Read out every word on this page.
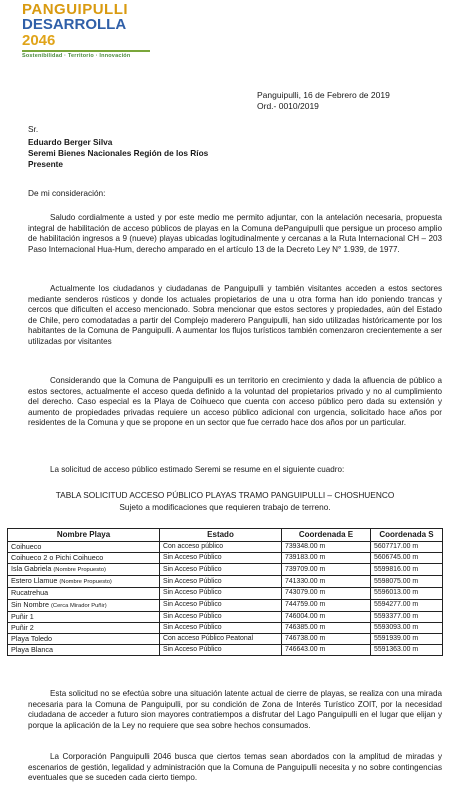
PANGUIPULLI
DESARROLLA 2046
Sostenibilidad · Territorio · Innovación
Panguipulli, 16 de Febrero de 2019
Ord.- 0010/2019
Sr.
Eduardo Berger Silva
Seremi Bienes Nacionales Región de los Ríos
Presente
De mi consideración:
Saludo cordialmente a usted y por este medio me permito adjuntar, con la antelación necesaria, propuesta integral de habilitación de acceso públicos de playas en la Comuna dePanguipulli que persigue un proceso amplio de habilitación ingresos a 9 (nueve) playas ubicadas logitudinalmente y cercanas a la Ruta Internacional CH – 203 Paso Internacional Hua-Hum, derecho amparado en el artículo 13 de la Decreto Ley N° 1.939, de 1977.
Actualmente los ciudadanos y ciudadanas de Panguipulli y también visitantes acceden a estos sectores mediante senderos rústicos y donde los actuales propietarios de una u otra forma han ido poniendo trancas y cercos que dificulten el acceso mencionado. Sobra mencionar que estos sectores y propiedades, aún del Estado de Chile, pero comodatadas a partir del Complejo maderero Panguipulli, han sido utilizadas históricamente por los habitantes de la Comuna de Panguipulli. A aumentar los flujos turísticos también comenzaron crecientemente a ser utilizadas por visitantes
Considerando que la Comuna de Panguipulli es un territorio en crecimiento y dada la afluencia de público a estos sectores, actualmente el acceso queda definido a la voluntad del propietarios privado y no al cumplimiento del derecho. Caso especial es la Playa de Coihueco que cuenta con acceso público pero dada su extensión y aumento de propiedades privadas requiere un acceso público adicional con urgencia, solicitado hace años por residentes de la Comuna y que se propone en un sector que fue cerrado hace dos años por un particular.
La solicitud de acceso público estimado Seremi se resume en el siguiente cuadro:
TABLA SOLICITUD ACCESO PÚBLICO PLAYAS TRAMO PANGUIPULLI – CHOSHUENCO
Sujeto a modificaciones que requieren trabajo de terreno.
Nombre Playa	Estado	Coordenada E	Coordenada S
Coihueco	Con acceso público	739348.00 m	5607717.00 m
Coihueco 2 o Pichi Coihueco	Sin Acceso Público	739183.00 m	5606745.00 m
Isla Gabriela (Nombre Propuesto)	Sin Acceso Público	739709.00 m	5599816.00 m
Estero Llamue (Nombre Propuesto)	Sin Acceso Público	741330.00 m	5598075.00 m
Rucatrehua	Sin Acceso Público	743079.00 m	5596013.00 m
Sin Nombre (Cerca Mirador Puñir)	Sin Acceso Público	744759.00 m	5594277.00 m
Puñir 1	Sin Acceso Público	746004.00 m	5593377.00 m
Puñir 2	Sin Acceso Público	746385.00 m	5593093.00 m
Playa Toledo	Con acceso Público Peatonal	746738.00 m	5591939.00 m
Playa Blanca	Sin Acceso Público	746643.00 m	5591363.00 m
Esta solicitud no se efectúa sobre una situación latente actual de cierre de playas, se realiza con una mirada necesaria para la Comuna de Panguipulli, por su condición de Zona de Interés Turístico ZOIT, por la necesidad ciudadana de acceder a futuro sion mayores contratiempos a disfrutar del Lago Panguipulli en el lugar que elijan y porque la aplicación de la Ley no requiere que sea sobre hechos consumados.
La Corporación Panguipulli 2046 busca que ciertos temas sean abordados con la amplitud de miradas y escenarios de gestión, legalidad y administración que la Comuna de Panguipulli necesita y no sobre contingencias eventuales que se suceden cada cierto tiempo.
